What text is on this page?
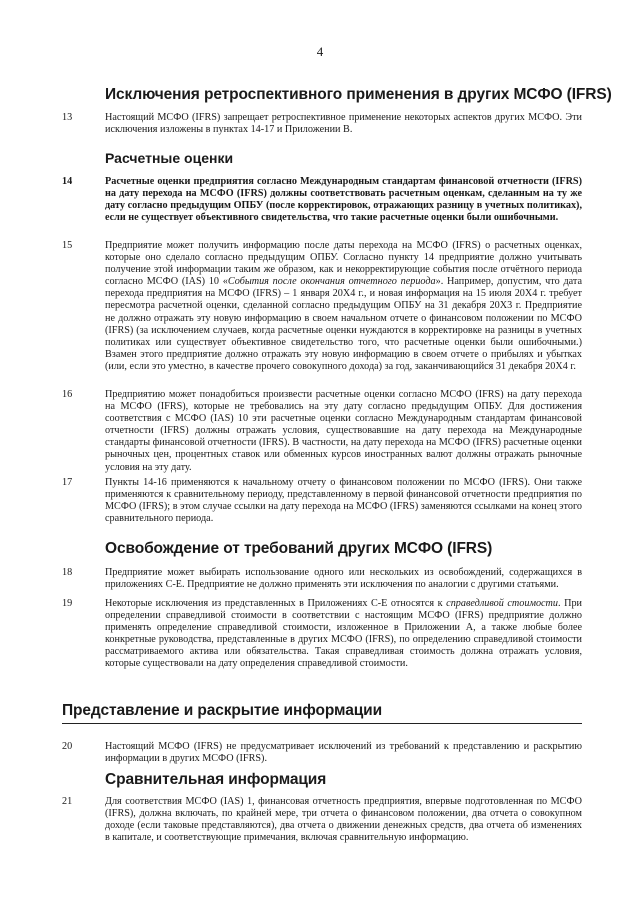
4
Исключения ретроспективного применения в других МСФО (IFRS)
13	Настоящий МСФО (IFRS) запрещает ретроспективное применение некоторых аспектов других МСФО. Эти исключения изложены в пунктах 14-17 и Приложении В.
Расчетные оценки
14	Расчетные оценки предприятия согласно Международным стандартам финансовой отчетности (IFRS) на дату перехода на МСФО (IFRS) должны соответствовать расчетным оценкам, сделанным на ту же дату согласно предыдущим ОПБУ (после корректировок, отражающих разницу в учетных политиках), если не существует объективного свидетельства, что такие расчетные оценки были ошибочными.
15	Предприятие может получить информацию после даты перехода на МСФО (IFRS) о расчетных оценках, которые оно сделало согласно предыдущим ОПБУ. Согласно пункту 14 предприятие должно учитывать получение этой информации таким же образом, как и некорректирующие события после отчётного периода согласно МСФО (IAS) 10 «События после окончания отчетного периода». Например, допустим, что дата перехода предприятия на МСФО (IFRS) – 1 января 20Х4 г., и новая информация на 15 июля 20Х4 г. требует пересмотра расчетной оценки, сделанной согласно предыдущим ОПБУ на 31 декабря 20Х3 г. Предприятие не должно отражать эту новую информацию в своем начальном отчете о финансовом положении по МСФО (IFRS) (за исключением случаев, когда расчетные оценки нуждаются в корректировке на разницы в учетных политиках или существует объективное свидетельство того, что расчетные оценки были ошибочными.) Взамен этого предприятие должно отражать эту новую информацию в своем отчете о прибылях и убытках (или, если это уместно, в качестве прочего совокупного дохода) за год, заканчивающийся 31 декабря 20Х4 г.
16	Предприятию может понадобиться произвести расчетные оценки согласно МСФО (IFRS) на дату перехода на МСФО (IFRS), которые не требовались на эту дату согласно предыдущим ОПБУ. Для достижения соответствия с МСФО (IAS) 10 эти расчетные оценки согласно Международным стандартам финансовой отчетности (IFRS) должны отражать условия, существовавшие на дату перехода на Международные стандарты финансовой отчетности (IFRS). В частности, на дату перехода на МСФО (IFRS) расчетные оценки рыночных цен, процентных ставок или обменных курсов иностранных валют должны отражать рыночные условия на эту дату.
17	Пункты 14-16 применяются к начальному отчету о финансовом положении по МСФО (IFRS). Они также применяются к сравнительному периоду, представленному в первой финансовой отчетности предприятия по МСФО (IFRS); в этом случае ссылки на дату перехода на МСФО (IFRS) заменяются ссылками на конец этого сравнительного периода.
Освобождение от требований других МСФО (IFRS)
18	Предприятие может выбирать использование одного или нескольких из освобождений, содержащихся в приложениях С-Е. Предприятие не должно применять эти исключения по аналогии с другими статьями.
19	Некоторые исключения из представленных в Приложениях С-Е относятся к справедливой стоимости. При определении справедливой стоимости в соответствии с настоящим МСФО (IFRS) предприятие должно применять определение справедливой стоимости, изложенное в Приложении А, а также любые более конкретные руководства, представленные в других МСФО (IFRS), по определению справедливой стоимости рассматриваемого актива или обязательства. Такая справедливая стоимость должна отражать условия, которые существовали на дату определения справедливой стоимости.
Представление и раскрытие информации
20	Настоящий МСФО (IFRS) не предусматривает исключений из требований к представлению и раскрытию информации в других МСФО (IFRS).
Сравнительная информация
21	Для соответствия МСФО (IAS) 1, финансовая отчетность предприятия, впервые подготовленная по МСФО (IFRS), должна включать, по крайней мере, три отчета о финансовом положении, два отчета о совокупном доходе (если таковые представляются), два отчета о движении денежных средств, два отчета об изменениях в капитале, и соответствующие примечания, включая сравнительную информацию.
